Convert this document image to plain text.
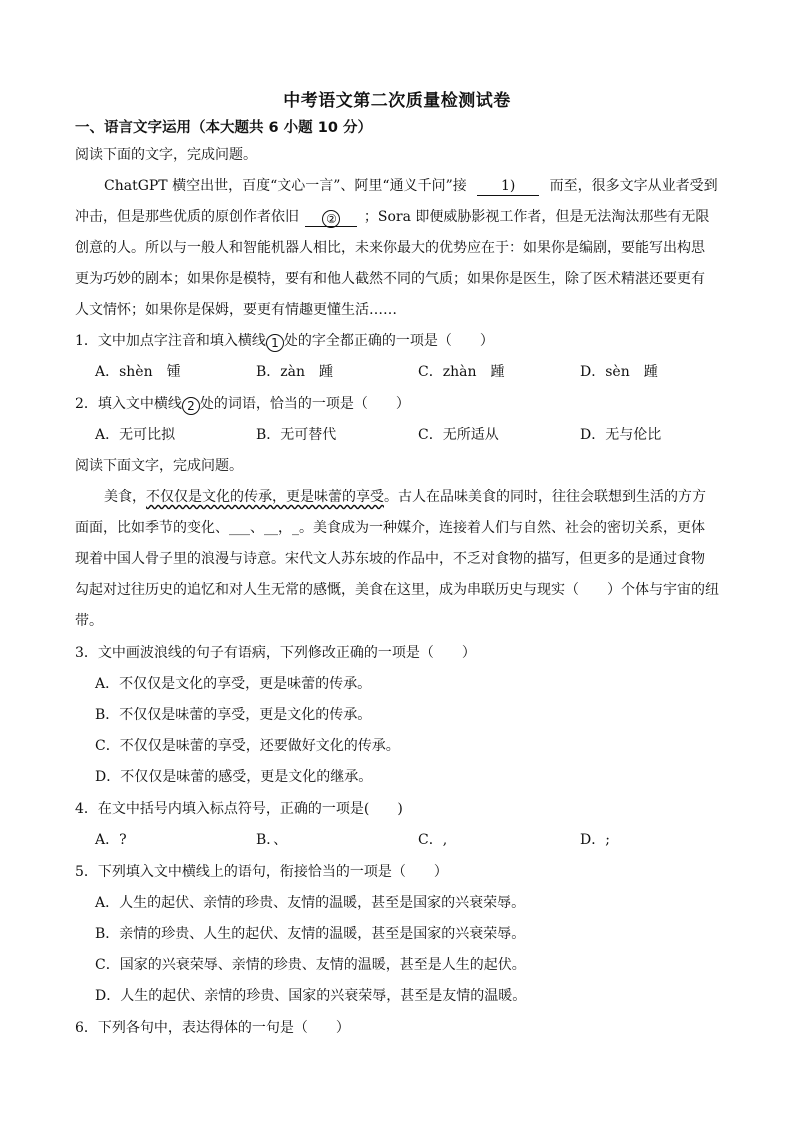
中考语文第二次质量检测试卷
一、语言文字运用（本大题共 6 小题 10 分）
阅读下面的文字，完成问题。
ChatGPT 横空出世，百度“文心一言”、阿里“通义千问”接 1) 而至，很多文字从业者受到
冲击，但是那些优质的原创作者依旧 ② ；Sora 即便威胁影视工作者，但是无法淘汰那些有无限
创意的人。所以与一般人和智能机器人相比，未来你最大的优势应在于：如果你是编剧，要能写出构思
更为巧妙的剧本；如果你是模特，要有和他人截然不同的气质；如果你是医生，除了医术精湛还要更有
人文情怀；如果你是保姆，要更有情趣更懂生活……
1．文中加点字注音和填入横线 1 处的字全都正确的一项是（　　）
A．shèn　锺	B．zàn　踵	C．zhàn　踵	D．sèn　踵
2．填入文中横线 2 处的词语，恰当的一项是（　　）
A．无可比拟	B．无可替代	C．无所适从	D．无与伦比
阅读下面文字，完成问题。
美食，不仅仅是文化的传承，更是味蕾的享受。古人在品味美食的同时，往往会联想到生活的方方
面面，比如季节的变化、___、__，_。美食成为一种媒介，连接着人们与自然、社会的密切关系，更体
现着中国人骨子里的浪漫与诗意。宋代文人苏东坡的作品中，不乏对食物的描写，但更多的是通过食物
勾起对过往历史的追忆和对人生无常的感慨，美食在这里，成为串联历史与现实（　　）个体与宇宙的纽
带。
3．文中画波浪线的句子有语病，下列修改正确的一项是（　　）
A．不仅仅是文化的享受，更是味蕾的传承。
B．不仅仅是味蕾的享受，更是文化的传承。
C．不仅仅是味蕾的享受，还要做好文化的传承。
D．不仅仅是味蕾的感受，更是文化的继承。
4．在文中括号内填入标点符号，正确的一项是(　　)
A．?	B．、	C．,	D．;
5．下列填入文中横线上的语句，衔接恰当的一项是（　　）
A．人生的起伏、亲情的珍贵、友情的温暖，甚至是国家的兴衰荣辱。
B．亲情的珍贵、人生的起伏、友情的温暖，甚至是国家的兴衰荣辱。
C．国家的兴衰荣辱、亲情的珍贵、友情的温暖，甚至是人生的起伏。
D．人生的起伏、亲情的珍贵、国家的兴衰荣辱，甚至是友情的温暖。
6．下列各句中，表达得体的一句是（　　）
